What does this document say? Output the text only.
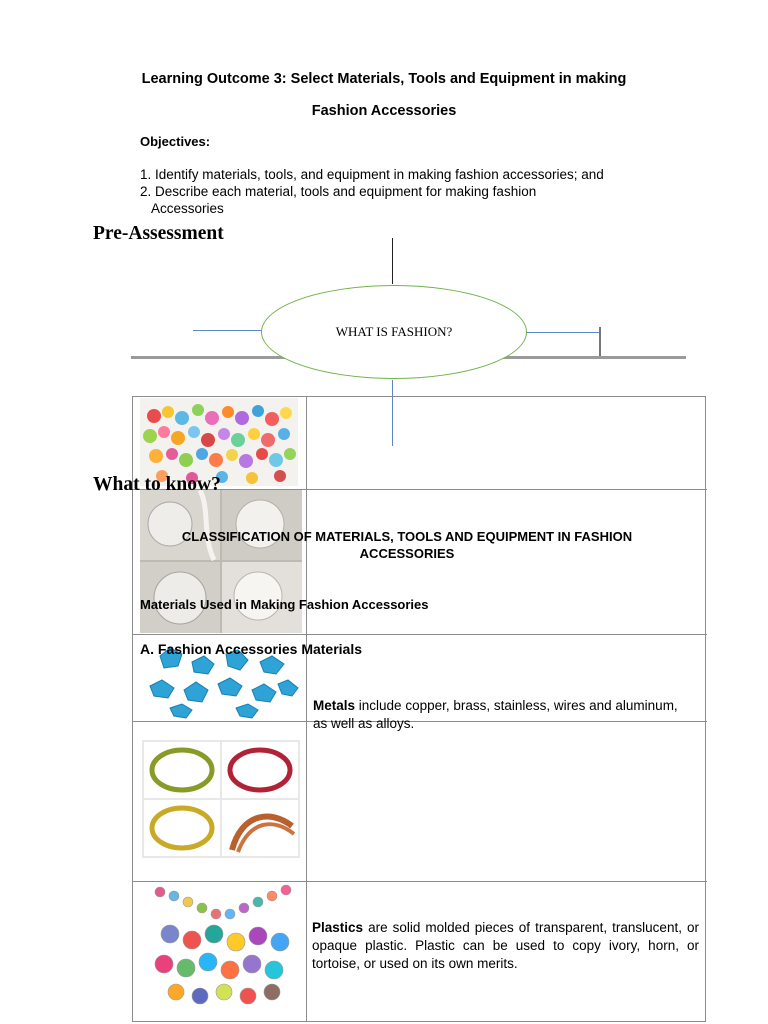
Learning Outcome 3: Select Materials, Tools and Equipment in making
Fashion Accessories
Objectives:
1. Identify materials, tools, and equipment in making fashion accessories; and
2. Describe each material, tools and equipment for making fashion
Accessories
Pre-Assessment
WHAT IS FASHION?
What to know?
CLASSIFICATION OF MATERIALS, TOOLS AND EQUIPMENT IN FASHION
ACCESSORIES
Materials Used in Making Fashion Accessories
A. Fashion Accessories Materials
Metals include copper, brass, stainless, wires and aluminum, as well as alloys.
Plastics are solid molded pieces of transparent, translucent, or opaque plastic. Plastic can be used to copy ivory, horn, or tortoise, or used on its own merits.
